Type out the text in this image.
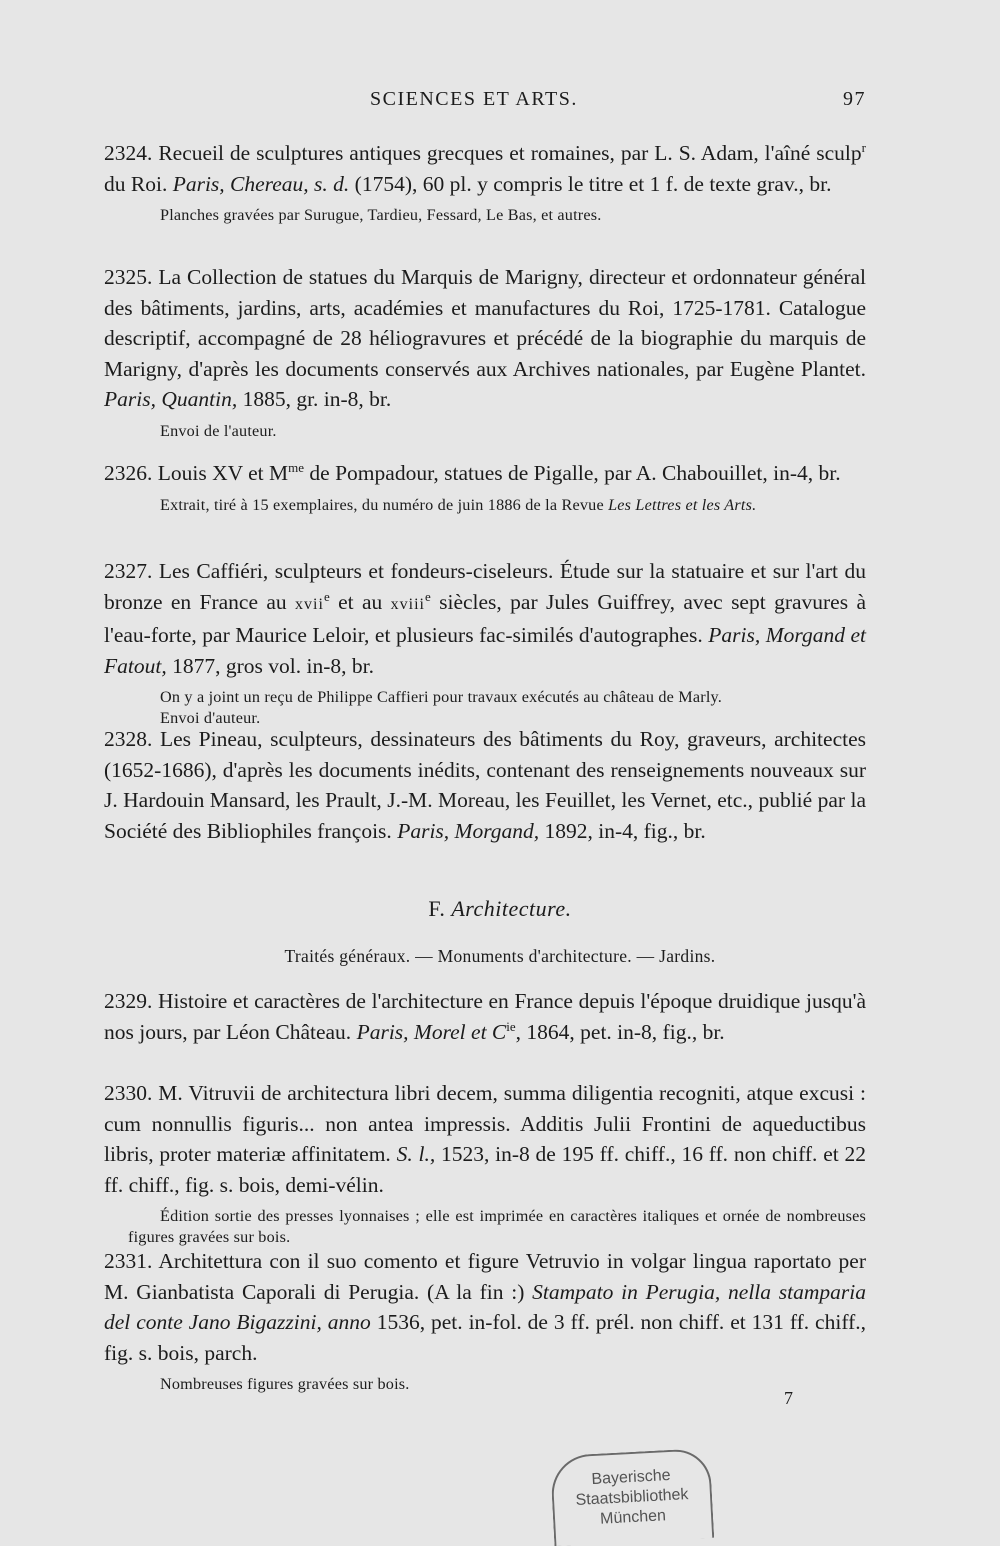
SCIENCES ET ARTS.	97

2324. Recueil de sculptures antiques grecques et romaines, par L. S. Adam, l'aîné sculp$^r$ du Roi. Paris, Chereau, s. d. (1754), 60 pl. y compris le titre et 1 f. de texte grav., br.

Planches gravées par Surugue, Tardieu, Fessard, Le Bas, et autres.

2325. La Collection de statues du Marquis de Marigny, directeur et ordonnateur général des bâtiments, jardins, arts, académies et manufactures du Roi, 1725-1781. Catalogue descriptif, accompagné de 28 héliogravures et précédé de la biographie du marquis de Marigny, d'après les documents conservés aux Archives nationales, par Eugène Plantet. Paris, Quantin, 1885, gr. in-8, br.

Envoi de l'auteur.

2326. Louis XV et $M^{me}$ de Pompadour, statues de Pigalle, par A. Chabouillet, in-4, br.

Extrait, tiré à 15 exemplaires, du numéro de juin 1886 de la Revue Les Lettres et les Arts.

2327. Les Caffiéri, sculpteurs et fondeurs-ciseleurs. Étude sur la statuaire et sur l'art du bronze en France au xvii$^e$ et au xviii$^e$ siècles, par Jules Guiffrey, avec sept gravures à l'eau-forte, par Maurice Leloir, et plusieurs fac-similés d'autographes. Paris, Morgand et Fatout, 1877, gros vol. in-8, br.

On y a joint un reçu de Philippe Caffieri pour travaux exécutés au château de Marly.
Envoi d'auteur.

2328. Les Pineau, sculpteurs, dessinateurs des bâtiments du Roy, graveurs, architectes (1652-1686), d'après les documents inédits, contenant des renseignements nouveaux sur J. Hardouin Mansard, les Prault, J.-M. Moreau, les Feuillet, les Vernet, etc., publié par la Société des Bibliophiles françois. Paris, Morgand, 1892, in-4, fig., br.

F. Architecture.
Traités généraux. — Monuments d'architecture. — Jardins.

2329. Histoire et caractères de l'architecture en France depuis l'époque druidique jusqu'à nos jours, par Léon Château. Paris, Morel et $C^{ie}$, 1864, pet. in-8, fig., br.

2330. M. Vitruvii de architectura libri decem, summa diligentia recogniti, atque excusi : cum nonnullis figuris... non antea impressis. Additis Julii Frontini de aqueductibus libris, proter materiæ affinitatem. S. l., 1523, in-8 de 195 ff. chiff., 16 ff. non chiff. et 22 ff. chiff., fig. s. bois, demi-vélin.

Édition sortie des presses lyonnaises ; elle est imprimée en caractères italiques et ornée de nombreuses figures gravées sur bois.

2331. Architettura con il suo comento et figure Vetruvio in volgar lingua raportato per M. Gianbatista Caporali di Perugia. (A la fin :) Stampato in Perugia, nella stamparia del conte Jano Bigazzini, anno 1536, pet. in-fol. de 3 ff. prél. non chiff. et 131 ff. chiff., fig. s. bois, parch.

Nombreuses figures gravées sur bois.
7
Bayerische
Staatsbibliothek
München
